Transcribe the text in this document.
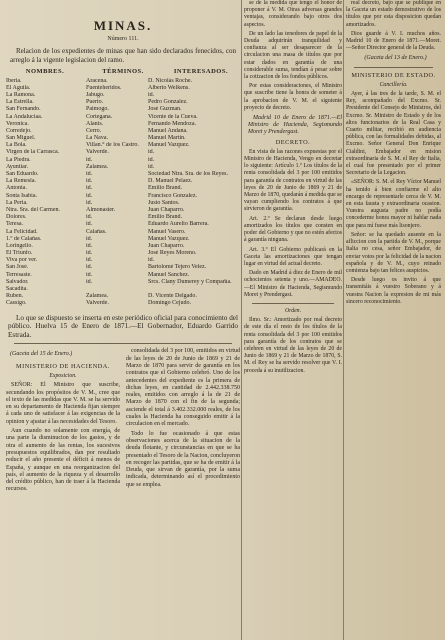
MINAS.
Número 111.
Relacion de los expedientes de minas que han sido declarados fenecidos, con arreglo á la vigente legislacion del ramo.
NOMBRES.	TÉRMINOS.	INTERESADOS.
Iberia.	Aracena.	D. Nicolás Roche.
El Aguila.	Fuenteheridos.	Alberto Welkens.
La Ramona.	Jabugo.	id.
La Estrella.	Puerto.	Pedro Gonzalez.
San Fernando.	Paimogo.	José Guzman.
La Andaluciaa.	Cortegana.	Vicente de la Cueva.
Veronica.	Alanis.	Fernando Mendoza.
Corredejo.	Cerro.	Manuel Andana.
San Miguel.	La Nava.	Manuel Martin.
La Bola.	Villan.° de los Castro.	Manuel Vazquez.
Virgen de la Carrasca.	Valverde.	id.
La Piedra.	id.	id.
Ayuntiar.	Zalamea.	id.
San Eduardo.	id.	Sociedad Ntra. Sra. de los Reyes.
La Remesla.	id.	D. Manuel Pelaez.
Antonia.	id.	Emilio Brand.
Sonta Isabia.	id.	Francisco Gonzalez.
La Peria.	id.	Justo Santos.
Ntra. Sra. del Carmen.	Almonaster.	Juan Chaparro.
Dolores.	id.	Emilio Brand.
Teresa.	id.	Eduardo Aurelio Barrera.
La Felicidad.	Calañas.	Manuel Vasero.
1.º de Calañas.	id.	Manuel Vazquez.
Loringelio.	id.	Juan Chaparro.
El Triunfo.	id.	José Reyes Moreno.
Viva por ver.	id.	id.
San José.	id.	Bartolomé Tejero Velez.
Terresaste.	id.	Manuel Sanchez.
Salvador.	id.	Srcs. Clany Dumerey y Compañía.
Sacadita.
Ruben.	Zalamea.	D. Vicente Delgado.
Cassigo.	Valverde.	Domingo Cejudo.
Lo que se dispuesto se inserta en este periódico oficial para conocimiento del público. Huelva 15 de Enero de 1871.—El Gobernador, Eduardo Garrido Estrada.
(Gaceta del 15 de Enero.)
MINISTERIO DE HACIENDA.
Exposicion.

SEÑOR: El Ministro que suscribe, secundando los propósitos de V. M., cree que el texto de las medidas que V. M. se ha servido en su departamento de Hacienda fijan siempre á cada uno de satisfacer á las exigencias de la opinion y ajustar á las necesidades del Tesoro.

Aun cuando no solamente con energía, de una parte la disminucion de los gastos, y de otra el aumento de las rentas, los sucesivos presupuestos equilibrados, dan por resultado reducir el año presente el déficit á menos de España, y aunque en una reorganizacion del país, el aumento de la riqueza y el desarrollo del crédito público, han de traer á la Hacienda recursos.

consolidada del 3 por 100, emitidos en virtud de las leyes de 20 de Junio de 1869 y 21 de Marzo de 1870 para servir de garantía en los contratos que el Gobierno celebró. Uno de los antecedentes del expediente es la primera de dichas leyes, en cantidad de 2.442.338.750 reales, emitidos con arreglo á la de 21 de Marzo de 1870 con el fin de la segunda; asciende el total á 3.402.332.000 reales, de los cuales la Hacienda ha conseguido emitir á la circulacion en el mercado.

Todo lo fue ocasionado á que estas observaciones acerca de la situacion de la deuda flotante, y circunstancias en que se ha presentado el Tesoro de la Nacion, concluyeron en recoger las partidas, que se ha de emitir á la Deuda, que sirvan de garantía, por la suma indicada, determinando así el procedimiento que se emplea.

se de la medida que tengo el honor de proponer á V. M. Otras adversas grandes ventajas, considerando bajo otros dos aspectos.

De un lado las tenedores de papel de la Deuda adquirirán tranquilidad y confianza al ser desaparecer de la circulacion una masa de títulos que por estar dados en garantía de una considerable suma, tendían á pesar sobre la cotizacion de los fondos públicos.

Por estas consideraciones, el Ministro que suscribe tiene la honra de someter á la aprobacion de V. M. el siguiente proyecto de decreto.

Madrid 10 de Enero de 1871.—El Ministro de Hacienda, Segismundo Moret y Prendergast.

DECRETO.

En vista de las razones expuestas por el Ministro de Hacienda, Vengo en decretar lo siguiente: Artículo 1.º Los títulos de la renta consolidada del 3 por 100 emitidos para garantía de contratos en virtud de las leyes de 20 de Junio de 1869 y 21 de Marzo de 1870, quedarán á medida que se vayan cumpliendo los contratos á que sirvieron de garantía.

Art. 2.º Se declaran desde luego amortizados los títulos que consten en poder del Gobierno y que no estén afectos á garantía ninguna.

Art. 3.º El Gobierno publicará en la Gaceta las amortizaciones que tengan lugar en virtud del actual decreto.

Dado en Madrid á diez de Enero de mil ochocientos setenta y uno.—AMADEO.—El Ministro de Hacienda, Segismundo Moret y Prendergast.

Orden.

Ilmo. Sr.: Amortizado por real decreto de este día el resto de los títulos de la renta consolidada del 3 por 100 emitidos para garantía de los contratos que se celebren en virtud de las leyes de 20 de Junio de 1869 y 21 de Marzo de 1870, S. M. el Rey se ha servido resolver que V. I. proceda á su inutilizacion.

real decreto, bajo que se publique en la Gaceta un estado demostrativo de los títulos que por esta disposicion quedan amortizados.

Dios guarde á V. I. muchos años. Madrid 10 de Enero de 1871.—Moret.—Señor Director general de la Deuda.

(Gaceta del 13 de Enero.)
MINISTERIO DE ESTADO.
Cancillería.

Ayer, á las tres de la tarde, S. M. el Rey, acompañado del Excmo. Sr. Presidente del Consejo de Ministros, del Excmo. Sr. Ministro de Estado y de los altos funcionarios de la Real Casa y Cuarto militar, recibió en audiencia pública, con las formalidades debidas, al Excmo. Señor General Don Enrique Cialdini, Embajador en mision extraordinaria de S. M. el Rey de Italia, el cual fue presentado por el primer Secretario de la Legacion.

«SEÑOR: S. M. el Rey Víctor Manuel ha tenido á bien confiarme el alto encargo de representarle cerca de V. M. en esta fausta y extraordinaria ocasion. Vuestra augusta padre no podía concederme honra mayor ni hablar nada que para mí fuese más lisonjero.

Señor: se ha quedado ausente en la afliccion con la partida de V. M., porque Italia no cesa, señor Embajador, de enviar votos por la felicidad de la nacion española y de V. M., cuyo reinado comienza bajo tan felices auspicios.

Desde luego os invito á que transmitáis á vuestro Soberano y á vuestra Nacion la expresion de mi más sincero reconocimiento.
